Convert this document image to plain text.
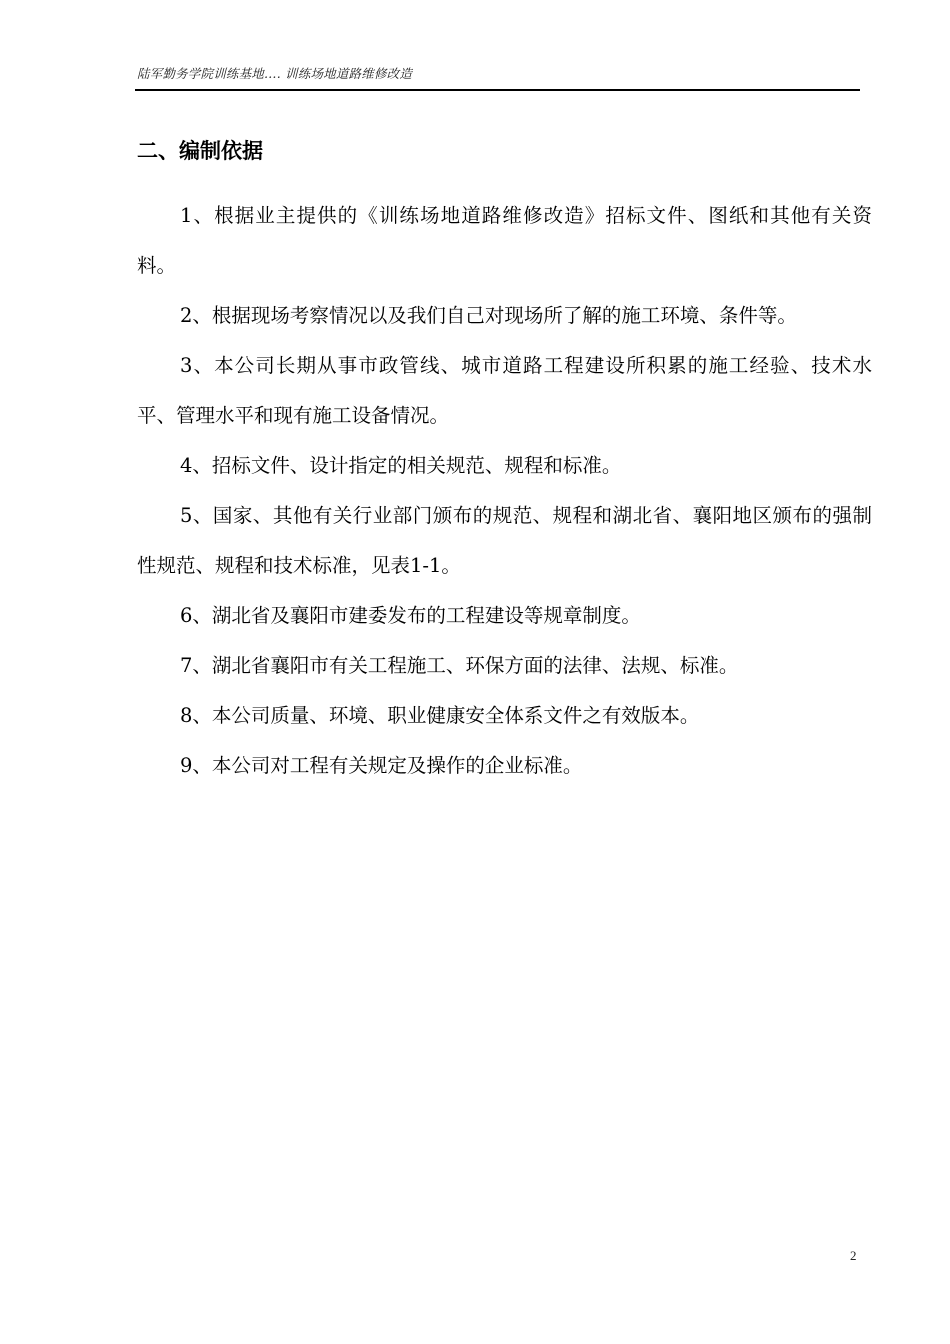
陆军勤务学院训练基地…. 训练场地道路维修改造
二、编制依据

1、根据业主提供的《训练场地道路维修改造》招标文件、图纸和其他有关资料。

2、根据现场考察情况以及我们自己对现场所了解的施工环境、条件等。

3、本公司长期从事市政管线、城市道路工程建设所积累的施工经验、技术水平、管理水平和现有施工设备情况。

4、招标文件、设计指定的相关规范、规程和标准。

5、国家、其他有关行业部门颁布的规范、规程和湖北省、襄阳地区颁布的强制性规范、规程和技术标准，见表1-1。

6、湖北省及襄阳市建委发布的工程建设等规章制度。

7、湖北省襄阳市有关工程施工、环保方面的法律、法规、标准。

8、本公司质量、环境、职业健康安全体系文件之有效版本。

9、本公司对工程有关规定及操作的企业标准。

2
